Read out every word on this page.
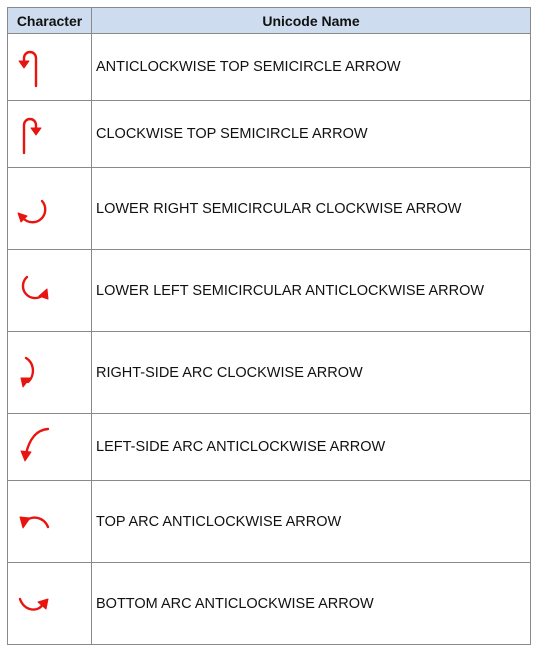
Character	Unicode Name

	ANTICLOCKWISE TOP SEMICIRCLE ARROW

	CLOCKWISE TOP SEMICIRCLE ARROW

	LOWER RIGHT SEMICIRCULAR CLOCKWISE ARROW

	LOWER LEFT SEMICIRCULAR ANTICLOCKWISE ARROW

	RIGHT-SIDE ARC CLOCKWISE ARROW

	LEFT-SIDE ARC ANTICLOCKWISE ARROW

	TOP ARC ANTICLOCKWISE ARROW

	BOTTOM ARC ANTICLOCKWISE ARROW
